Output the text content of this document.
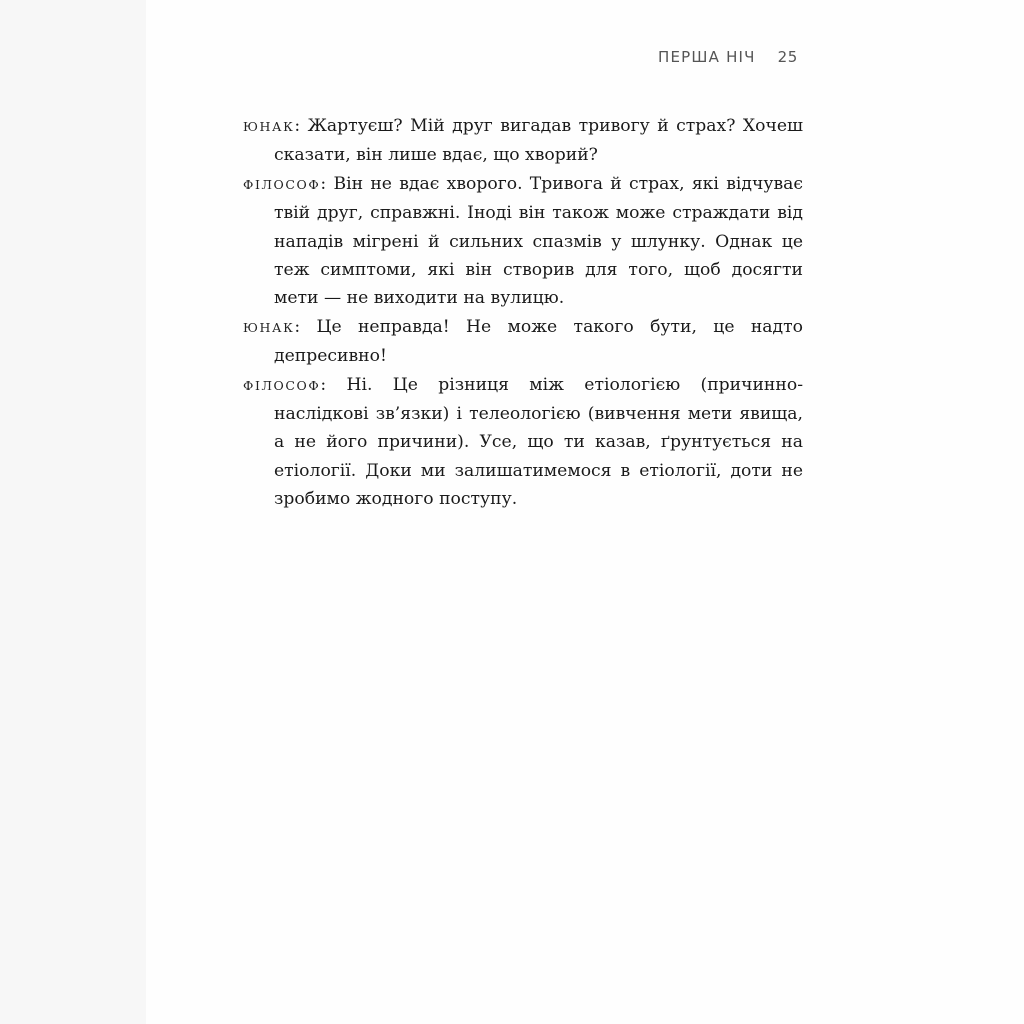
ПЕРША НІЧ 25

ЮНАК: Жартуєш? Мій друг вигадав тривогу й страх? Хочеш сказати, він лише вдає, що хворий?

ФІЛОСОФ: Він не вдає хворого. Тривога й страх, які відчуває твій друг, справжні. Іноді він також може страждати від нападів мігрені й сильних спазмів у шлунку. Однак це теж симптоми, які він створив для того, щоб досягти мети — не виходити на вулицю.

ЮНАК: Це неправда! Не може такого бути, це надто депресивно!

ФІЛОСОФ: Ні. Це різниця між етіологією (причинно-наслідкові зв’язки) і телеологією (вивчення мети явища, а не його причини). Усе, що ти казав, ґрунтується на етіології. Доки ми залишатимемося в етіології, доти не зробимо жодного поступу.
